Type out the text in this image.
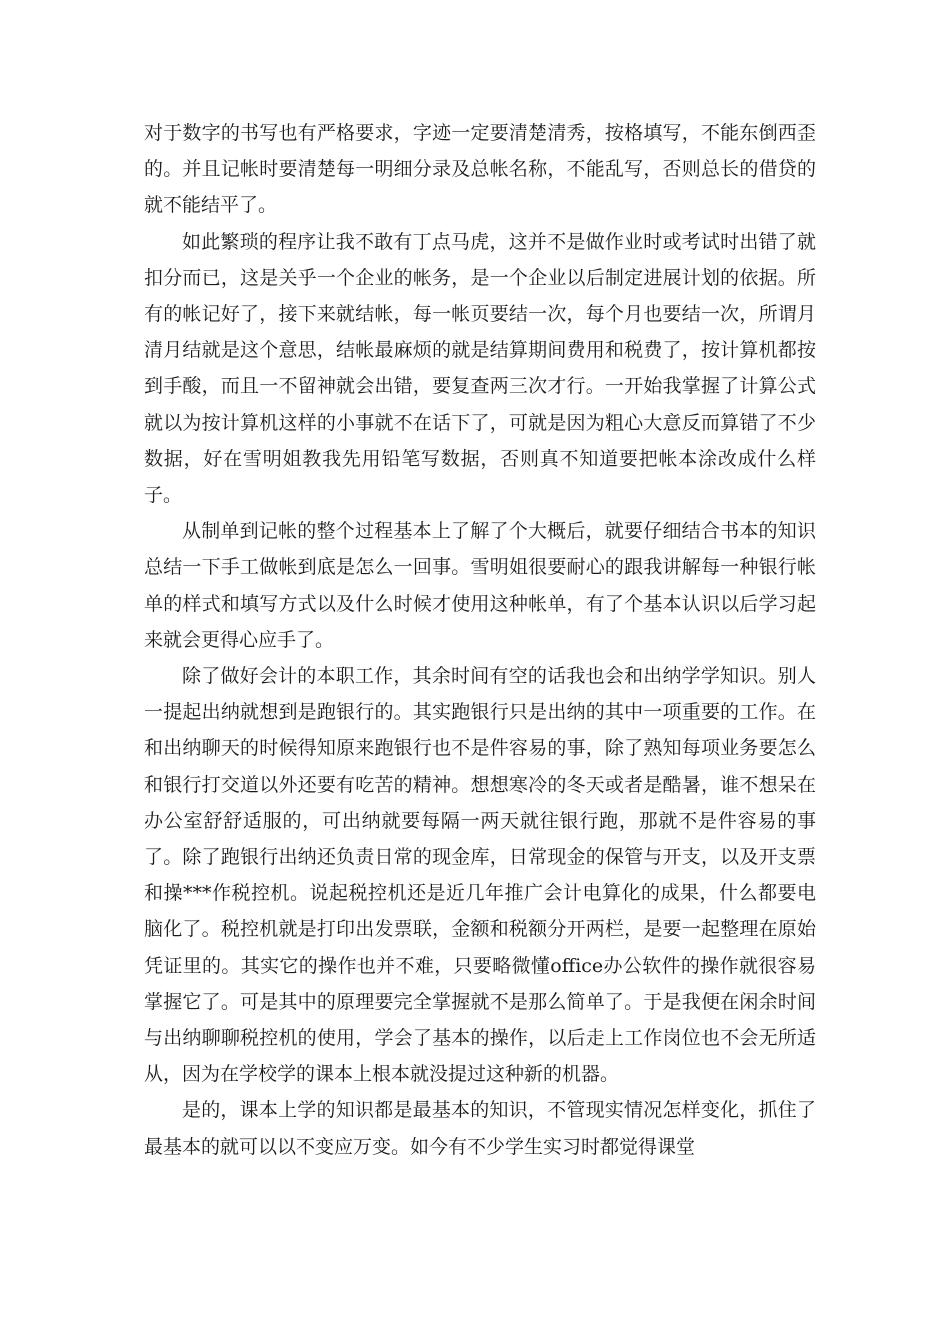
对于数字的书写也有严格要求，字迹一定要清楚清秀，按格填写，不能东倒西歪的。并且记帐时要清楚每一明细分录及总帐名称，不能乱写，否则总长的借贷的就不能结平了。

如此繁琐的程序让我不敢有丁点马虎，这并不是做作业时或考试时出错了就扣分而已，这是关乎一个企业的帐务，是一个企业以后制定进展计划的依据。所有的帐记好了，接下来就结帐，每一帐页要结一次，每个月也要结一次，所谓月清月结就是这个意思，结帐最麻烦的就是结算期间费用和税费了，按计算机都按到手酸，而且一不留神就会出错，要复查两三次才行。一开始我掌握了计算公式就以为按计算机这样的小事就不在话下了，可就是因为粗心大意反而算错了不少数据，好在雪明姐教我先用铅笔写数据，否则真不知道要把帐本涂改成什么样子。

从制单到记帐的整个过程基本上了解了个大概后，就要仔细结合书本的知识总结一下手工做帐到底是怎么一回事。雪明姐很要耐心的跟我讲解每一种银行帐单的样式和填写方式以及什么时候才使用这种帐单，有了个基本认识以后学习起来就会更得心应手了。

除了做好会计的本职工作，其余时间有空的话我也会和出纳学学知识。别人一提起出纳就想到是跑银行的。其实跑银行只是出纳的其中一项重要的工作。在和出纳聊天的时候得知原来跑银行也不是件容易的事，除了熟知每项业务要怎么和银行打交道以外还要有吃苦的精神。想想寒冷的冬天或者是酷暑，谁不想呆在办公室舒舒适服的，可出纳就要每隔一两天就往银行跑，那就不是件容易的事了。除了跑银行出纳还负责日常的现金库，日常现金的保管与开支，以及开支票和操***作税控机。说起税控机还是近几年推广会计电算化的成果，什么都要电脑化了。税控机就是打印出发票联，金额和税额分开两栏，是要一起整理在原始凭证里的。其实它的操作也并不难，只要略微懂office办公软件的操作就很容易掌握它了。可是其中的原理要完全掌握就不是那么简单了。于是我便在闲余时间与出纳聊聊税控机的使用，学会了基本的操作，以后走上工作岗位也不会无所适从，因为在学校学的课本上根本就没提过这种新的机器。

是的，课本上学的知识都是最基本的知识，不管现实情况怎样变化，抓住了最基本的就可以以不变应万变。如今有不少学生实习时都觉得课堂
